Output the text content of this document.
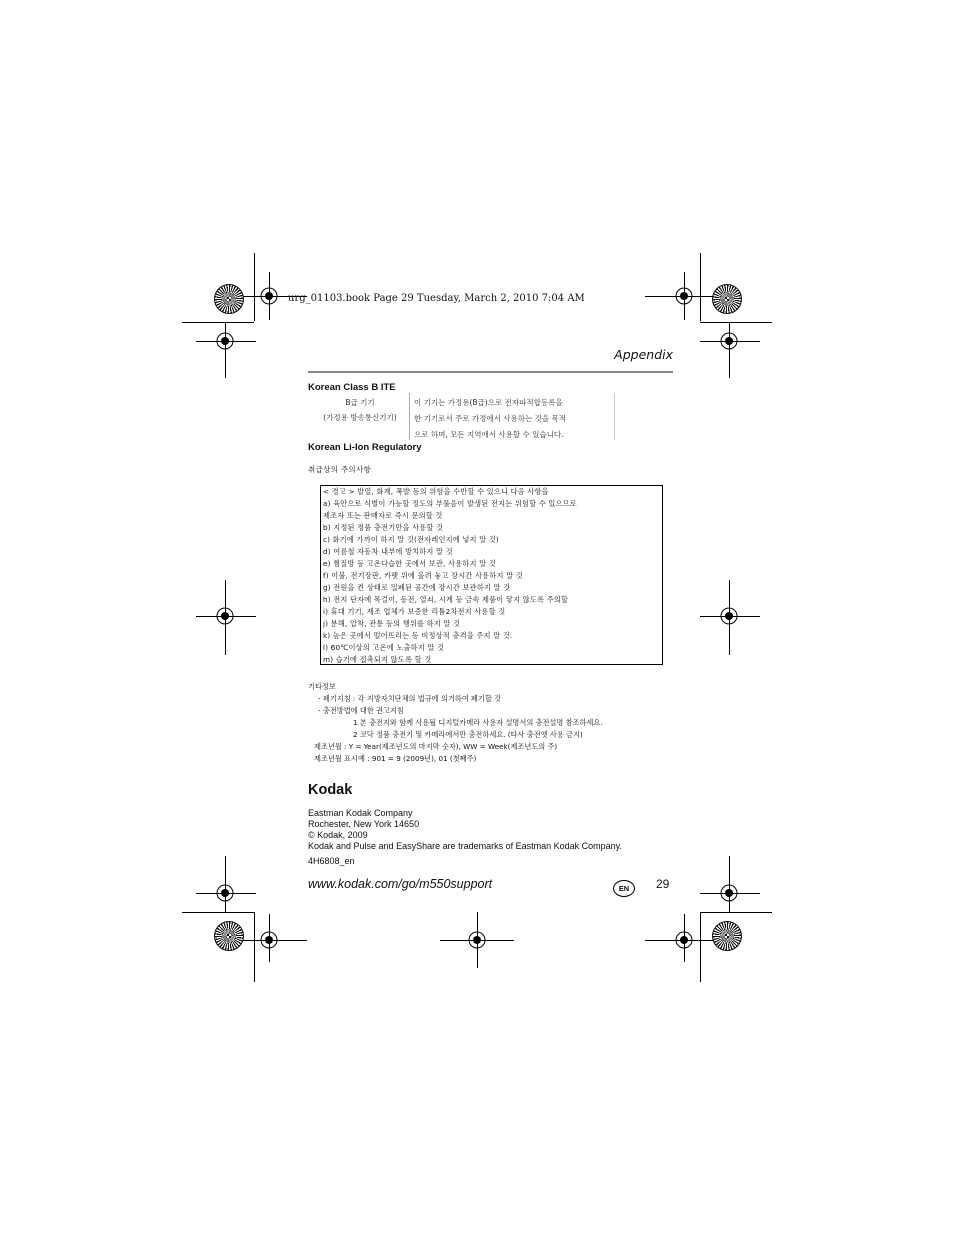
urg_01103.book Page 29 Tuesday, March 2, 2010 7:04 AM
Appendix
Korean Class B ITE
B급 기기
(가정용 방송통신기기)
이 기기는 가정용(B급)으로 전자파적합등록을
한 기기로서 주로 가정에서 사용하는 것을 목적
으로 하며, 모든 지역에서 사용할 수 있습니다.
Korean Li-Ion Regulatory
취급상의 주의사항
< 경고 > 발열, 화재, 폭발 등의 위험을 수반할 수 있으니 다음 사항을
a) 육안으로 식별이 가능할 정도의 부풀음이 발생된 전지는 위험할 수 있으므로
제조자 또는 판매자로 즉시 문의할 것
b) 지정된 정품 충전기만을 사용할 것
c) 화기에 가까이 하지 말 것(전자레인지에 넣지 말 것)
d) 여름철 자동차 내부에 방치하지 말 것
e) 찜질방 등 고온다습한 곳에서 보관, 사용하지 말 것
f) 이불, 전기장판, 카펫 위에 올려 놓고 장시간 사용하지 말 것
g) 전원을 켠 상태로 밀폐된 공간에 장시간 보관하지 말 것
h) 전지 단자에 목걸이, 동전, 열쇠, 시계 등 금속 제품이 닿지 않도록 주의할
i) 휴대 기기, 제조 업체가 보증한 리튬2차전지 사용할 것
j) 분해, 압착, 관통 등의 행위를 하지 말 것
k) 높은 곳에서 떨어뜨리는 등 비정상적 충격을 주지 말 것.
l) 60℃이상의 고온에 노출하지 말 것
m) 습기에 접촉되지 않도록 할 것
기타정보
- 폐기지침 : 각 지방자치단체의 법규에 의거하여 폐기할 것
- 충전방법에 대한 권고지침
1 본 충전지와 함께 사용될 디지털카메라 사용자 설명서의 충전설명 참조하세요.
2 코닥 정품 충전기 및 카메라에서만 충전하세요. (타사 충전엣 사용 금지)
제조년월 : Y = Year(제조년도의 마지막 숫자), WW = Week(제조년도의 주)
제조년월 표시예 : 901 = 9 (2009년), 01 (첫째주)
Kodak
Eastman Kodak Company
Rochester, New York 14650
© Kodak, 2009
Kodak and Pulse and EasyShare are trademarks of Eastman Kodak Company.
4H6808_en
www.kodak.com/go/m550support	EN	29
